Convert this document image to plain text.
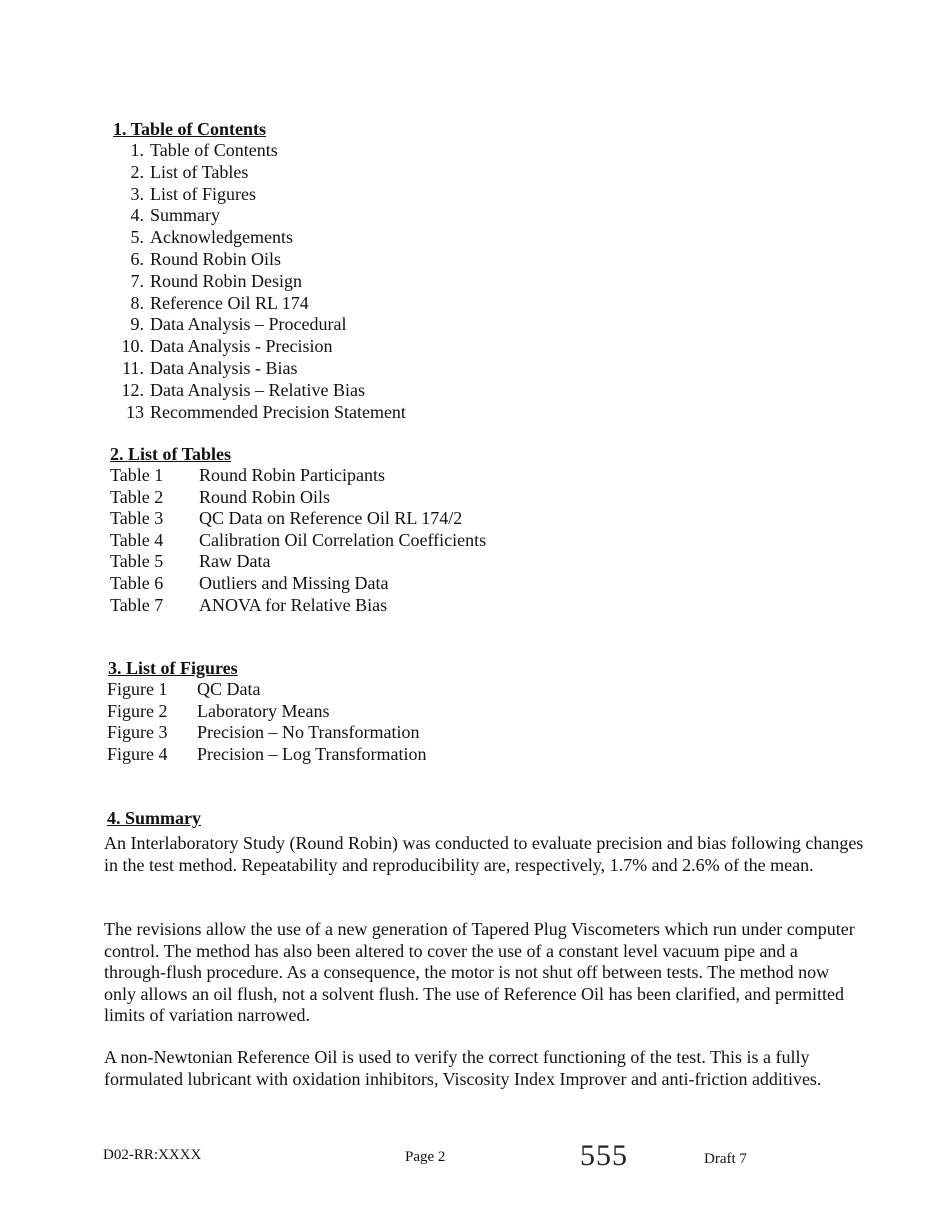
1. Table of Contents
1. Table of Contents
2. List of Tables
3. List of Figures
4. Summary
5. Acknowledgements
6. Round Robin Oils
7. Round Robin Design
8. Reference Oil RL 174
9. Data Analysis – Procedural
10. Data Analysis - Precision
11. Data Analysis - Bias
12. Data Analysis – Relative Bias
13 Recommended Precision Statement
2. List of Tables
Table 1	Round Robin Participants
Table 2	Round Robin Oils
Table 3	QC Data on Reference Oil RL 174/2
Table 4	Calibration Oil Correlation Coefficients
Table 5	Raw Data
Table 6	Outliers and Missing Data
Table 7	ANOVA for Relative Bias
3. List of Figures
Figure 1	QC Data
Figure 2	Laboratory Means
Figure 3	Precision – No Transformation
Figure 4	Precision – Log Transformation
4. Summary

An Interlaboratory Study (Round Robin) was conducted to evaluate precision and bias following changes in the test method. Repeatability and reproducibility are, respectively, 1.7% and 2.6% of the mean.

The revisions allow the use of a new generation of Tapered Plug Viscometers which run under computer control. The method has also been altered to cover the use of a constant level vacuum pipe and a through-flush procedure. As a consequence, the motor is not shut off between tests. The method now only allows an oil flush, not a solvent flush. The use of Reference Oil has been clarified, and permitted limits of variation narrowed.

A non-Newtonian Reference Oil is used to verify the correct functioning of the test. This is a fully formulated lubricant with oxidation inhibitors, Viscosity Index Improver and anti-friction additives.

D02-RR:XXXX	Page 2	555	Draft 7
